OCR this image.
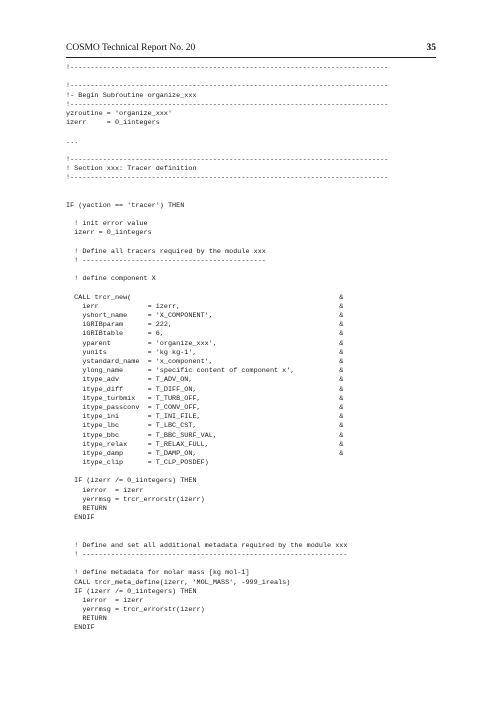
COSMO Technical Report No. 20	35
!------------------------------------------------------------------------------
!------------------------------------------------------------------------------
!- Begin Subroutine organize_xxx
!------------------------------------------------------------------------------
yzroutine = 'organize_xxx'
izerr     = 0_iintegers
...
!------------------------------------------------------------------------------
! Section xxx: Tracer definition
!------------------------------------------------------------------------------
IF (yaction == 'tracer') THEN
! init error value
izerr = 0_iintegers
! Define all tracers required by the module xxx
! ---------------------------------------------
! define component X
CALL trcr_new(                                                   &
ierr            = izerr,                                       &
yshort_name     = 'X_COMPONENT',                               &
iGRIBparam      = 222,                                         &
iGRIBtable      = 6,                                           &
yparent         = 'organize_xxx',                              &
yunits          = 'kg kg-1',                                   &
ystandard_name  = 'x_component',                               &
ylong_name      = 'specific content of component x',           &
itype_adv       = T_ADV_ON,                                    &
itype_diff      = T_DIFF_ON,                                   &
itype_turbmix   = T_TURB_OFF,                                  &
itype_passconv  = T_CONV_OFF,                                  &
itype_ini       = T_INI_FILE,                                  &
itype_lbc       = T_LBC_CST,                                   &
itype_bbc       = T_BBC_SURF_VAL,                              &
itype_relax     = T_RELAX_FULL,                                &
itype_damp      = T_DAMP_ON,                                   &
itype_clip      = T_CLP_POSDEF)
IF (izerr /= 0_iintegers) THEN
ierror  = izerr
yerrmsg = trcr_errorstr(izerr)
RETURN
ENDIF
! Define and set all additional metadata required by the module xxx
! -----------------------------------------------------------------
! define metadata for molar mass [kg mol-1]
CALL trcr_meta_define(izerr, 'MOL_MASS', -999_ireals)
IF (izerr /= 0_iintegers) THEN
ierror  = izerr
yerrmsg = trcr_errorstr(izerr)
RETURN
ENDIF
